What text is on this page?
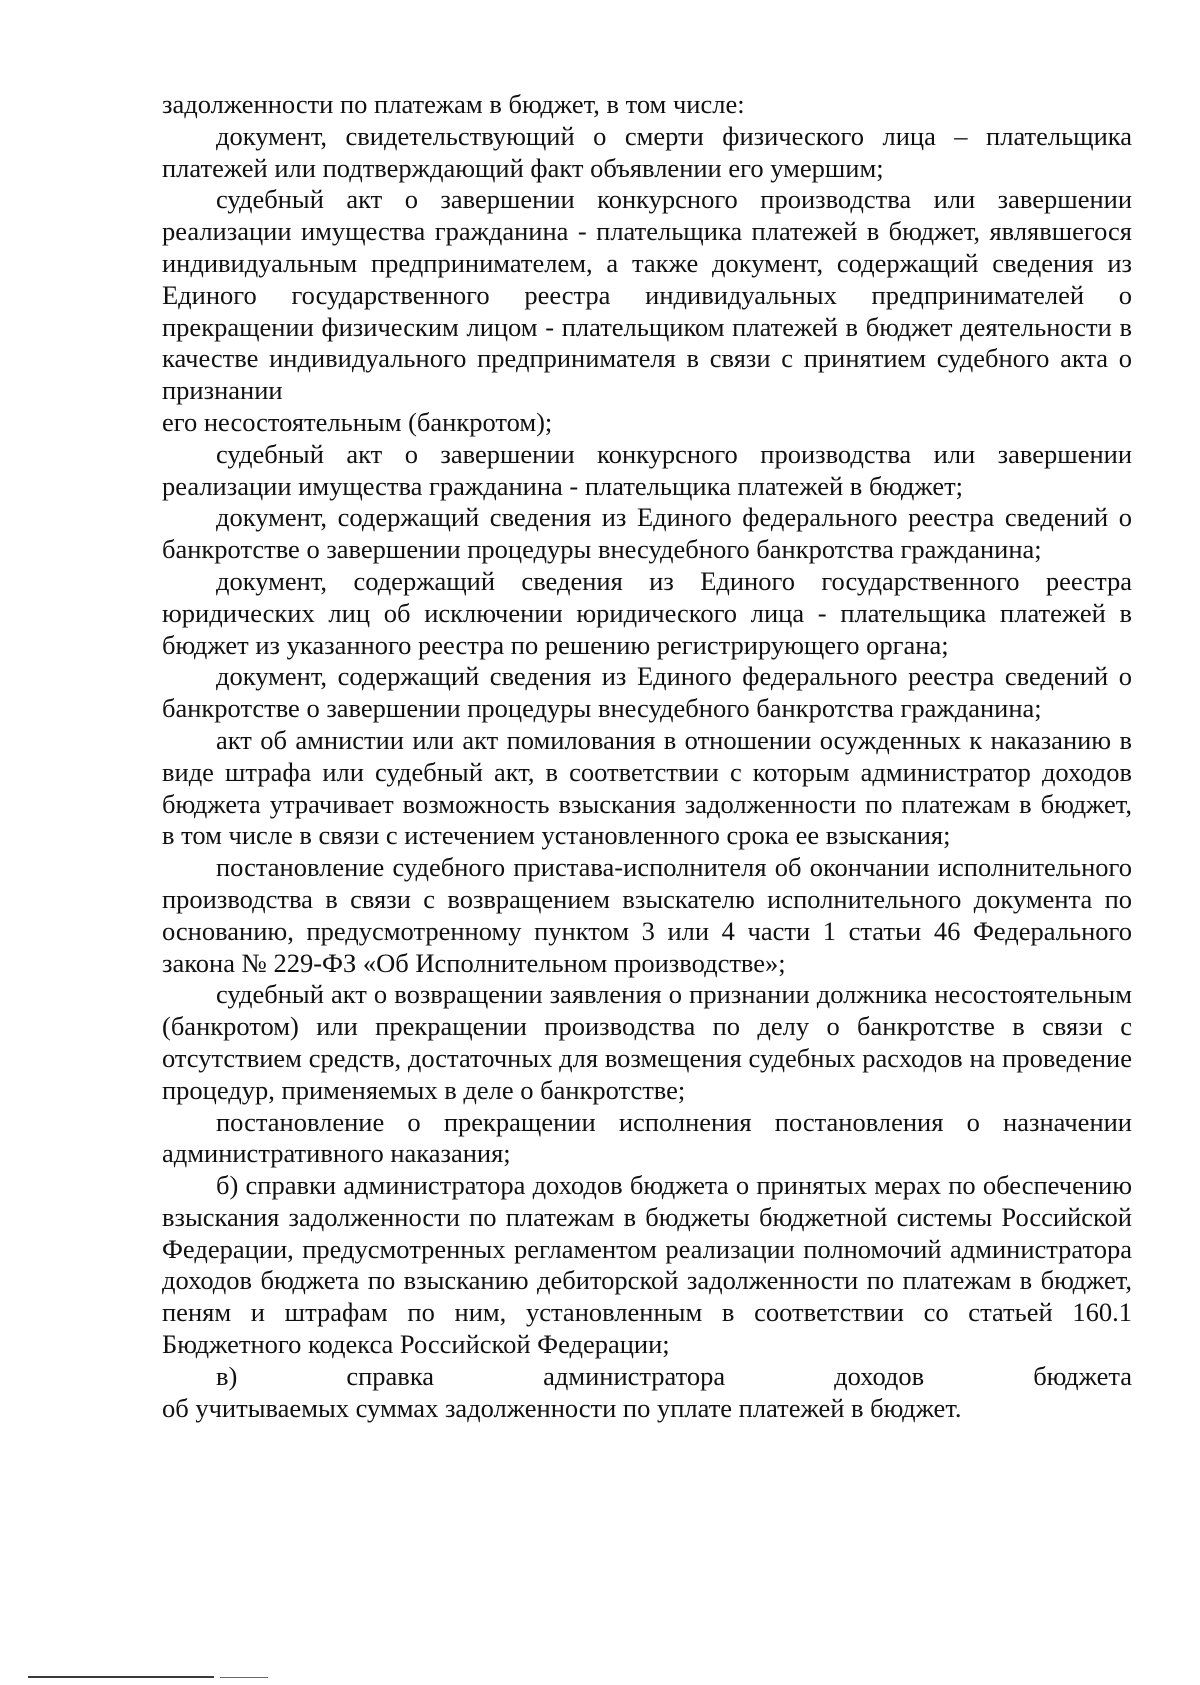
задолженности по платежам в бюджет, в том числе:

документ, свидетельствующий о смерти физического лица – плательщика платежей или подтверждающий факт объявлении его умершим;

судебный акт о завершении конкурсного производства или завершении реализации имущества гражданина - плательщика платежей в бюджет, являвшегося индивидуальным предпринимателем, а также документ, содержащий сведения из Единого государственного реестра индивидуальных предпринимателей о прекращении физическим лицом - плательщиком платежей в бюджет деятельности в качестве индивидуального предпринимателя в связи с принятием судебного акта о признании

его несостоятельным (банкротом);

судебный акт о завершении конкурсного производства или завершении реализации имущества гражданина - плательщика платежей в бюджет;

документ, содержащий сведения из Единого федерального реестра сведений о банкротстве о завершении процедуры внесудебного банкротства гражданина;

документ, содержащий сведения из Единого государственного реестра юридических лиц об исключении юридического лица - плательщика платежей в бюджет из указанного реестра по решению регистрирующего органа;

документ, содержащий сведения из Единого федерального реестра сведений о банкротстве о завершении процедуры внесудебного банкротства гражданина;

акт об амнистии или акт помилования в отношении осужденных к наказанию в виде штрафа или судебный акт, в соответствии с которым администратор доходов бюджета утрачивает возможность взыскания задолженности по платежам в бюджет, в том числе в связи с истечением установленного срока ее взыскания;

постановление судебного пристава-исполнителя об окончании исполнительного производства в связи с возвращением взыскателю исполнительного документа по основанию, предусмотренному пунктом 3 или 4 части 1 статьи 46 Федерального закона № 229-ФЗ «Об Исполнительном производстве»;

судебный акт о возвращении заявления о признании должника несостоятельным (банкротом) или прекращении производства по делу о банкротстве в связи с отсутствием средств, достаточных для возмещения судебных расходов на проведение процедур, применяемых в деле о банкротстве;

постановление о прекращении исполнения постановления о назначении административного наказания;

б) справки администратора доходов бюджета о принятых мерах по обеспечению взыскания задолженности по платежам в бюджеты бюджетной системы Российской Федерации, предусмотренных регламентом реализации полномочий администратора доходов бюджета по взысканию дебиторской задолженности по платежам в бюджет, пеням и штрафам по ним, установленным в соответствии со статьей 160.1 Бюджетного кодекса Российской Федерации;

в) справка администратора доходов бюджета

об учитываемых суммах задолженности по уплате платежей в бюджет.
